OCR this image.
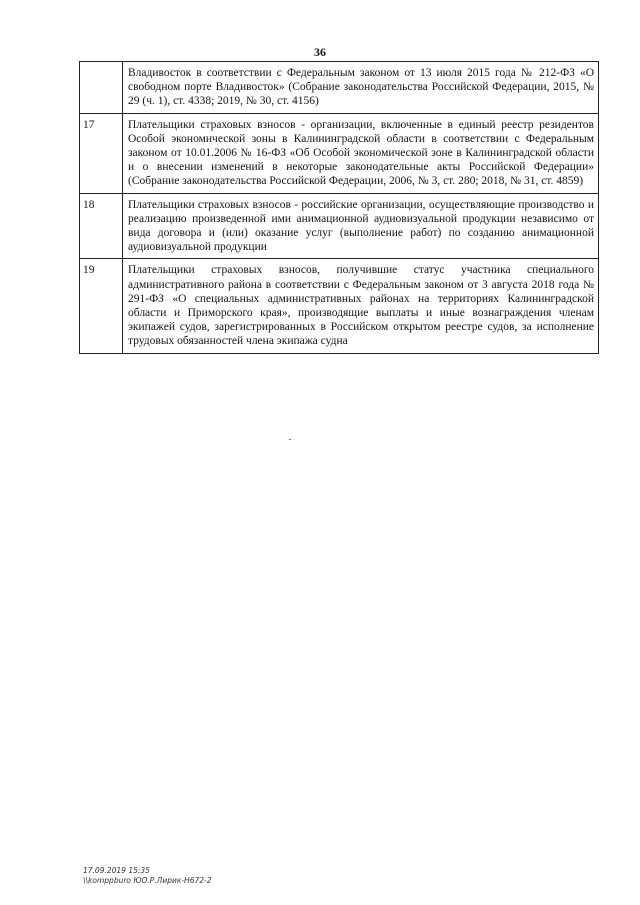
36
	Владивосток в соответствии с Федеральным законом от 13 июля 2015 года № 212-ФЗ «О свободном порте Владивосток» (Собрание законодательства Российской Федерации, 2015, № 29 (ч. 1), ст. 4338; 2019, № 30, ст. 4156)
17	Плательщики страховых взносов - организации, включенные в единый реестр резидентов Особой экономической зоны в Калининградской области в соответствии с Федеральным законом от 10.01.2006 № 16-ФЗ «Об Особой экономической зоне в Калининградской области и о внесении изменений в некоторые законодательные акты Российской Федерации» (Собрание законодательства Российской Федерации, 2006, № 3, ст. 280; 2018, № 31, ст. 4859)
18	Плательщики страховых взносов - российские организации, осуществляющие производство и реализацию произведенной ими анимационной аудиовизуальной продукции независимо от вида договора и (или) оказание услуг (выполнение работ) по созданию анимационной аудиовизуальной продукции
19	Плательщики страховых взносов, получившие статус участника специального административного района в соответствии с Федеральным законом от 3 августа 2018 года № 291-ФЗ «О специальных административных районах на территориях Калининградской области и Приморского края», производящие выплаты и иные вознаграждения членам экипажей судов, зарегистрированных в Российском открытом реестре судов, за исполнение трудовых обязанностей члена экипажа судна
17.09.2019 15:35
\\komppburo ЮО.Р.Лирик-Н672-2
